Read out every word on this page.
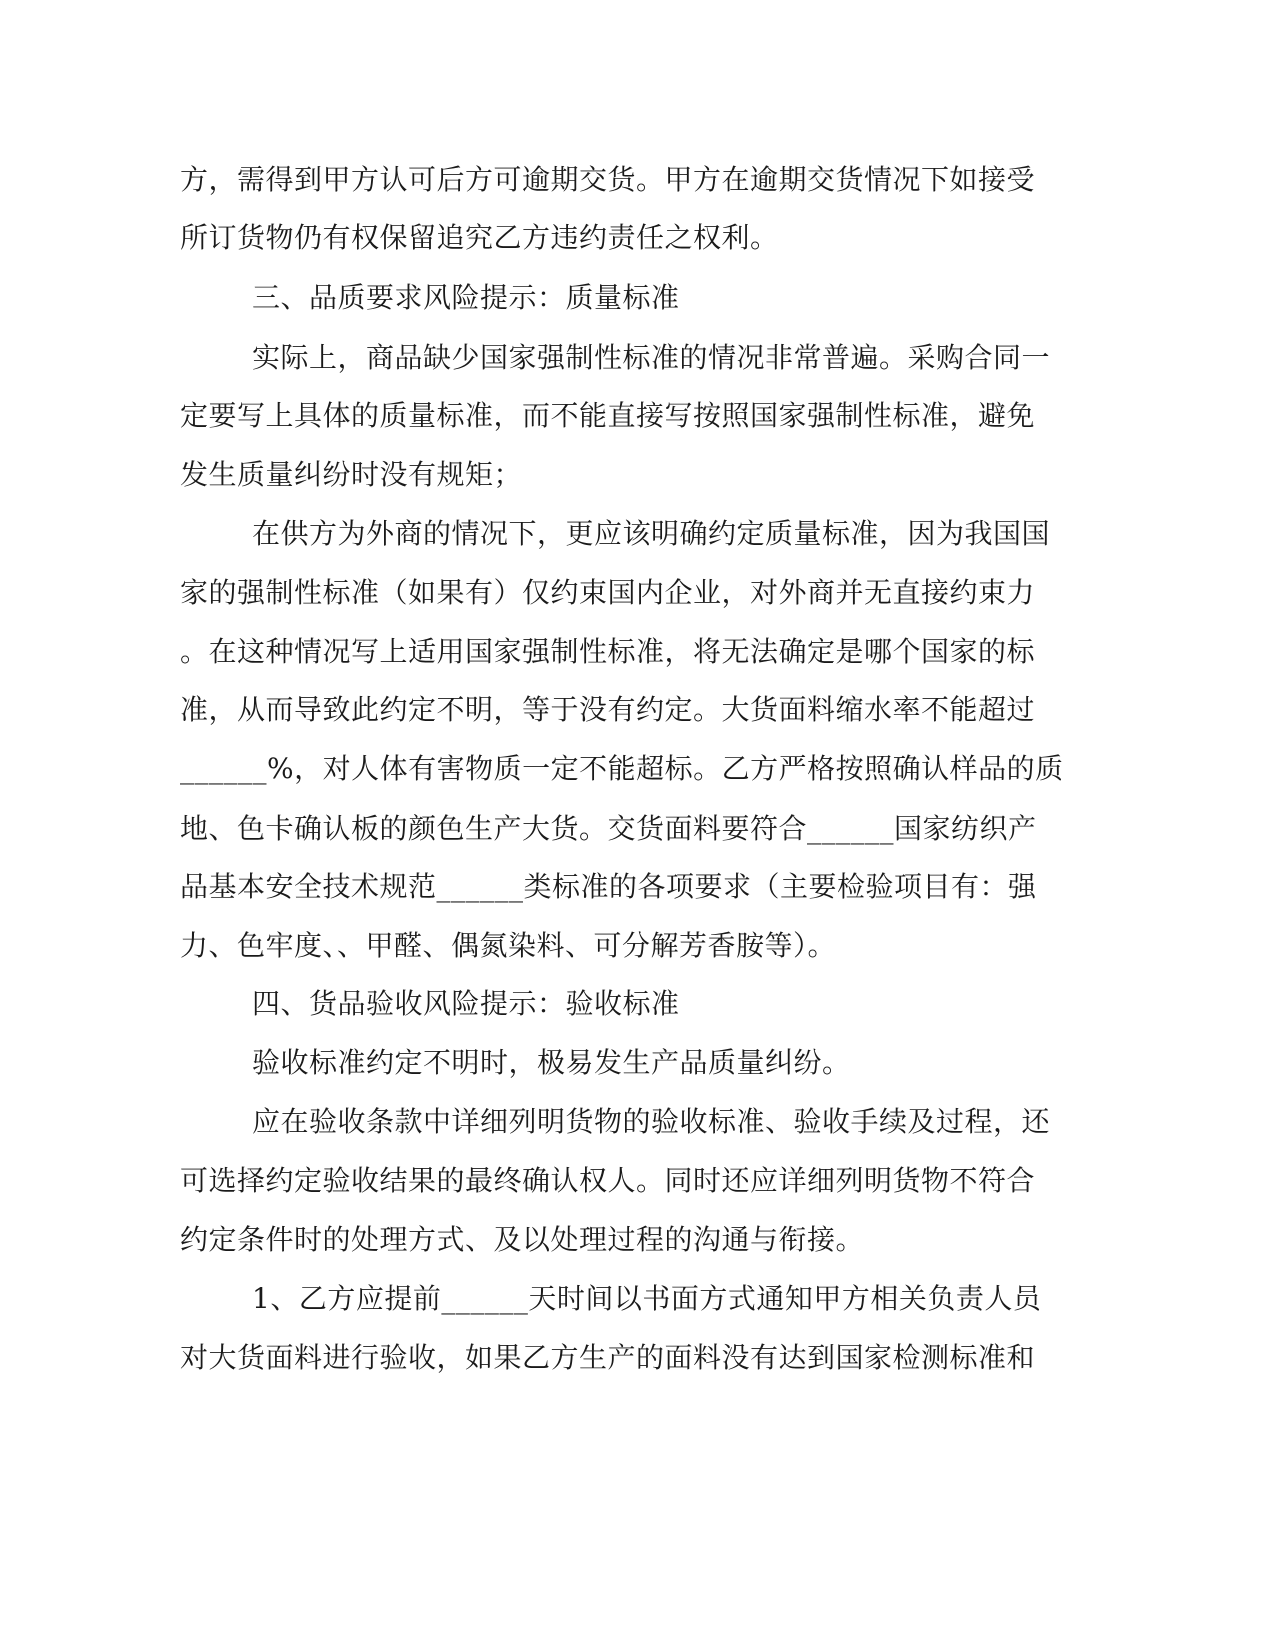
方，需得到甲方认可后方可逾期交货。甲方在逾期交货情况下如接受
所订货物仍有权保留追究乙方违约责任之权利。
三、品质要求风险提示：质量标准
实际上，商品缺少国家强制性标准的情况非常普遍。采购合同一
定要写上具体的质量标准，而不能直接写按照国家强制性标准，避免
发生质量纠纷时没有规矩；
在供方为外商的情况下，更应该明确约定质量标准，因为我国国
家的强制性标准（如果有）仅约束国内企业，对外商并无直接约束力
。在这种情况写上适用国家强制性标准，将无法确定是哪个国家的标
准，从而导致此约定不明，等于没有约定。大货面料缩水率不能超过
______%，对人体有害物质一定不能超标。乙方严格按照确认样品的质
地、色卡确认板的颜色生产大货。交货面料要符合______国家纺织产
品基本安全技术规范______类标准的各项要求（主要检验项目有：强
力、色牢度、、甲醛、偶氮染料、可分解芳香胺等）。
四、货品验收风险提示：验收标准
验收标准约定不明时，极易发生产品质量纠纷。
应在验收条款中详细列明货物的验收标准、验收手续及过程，还
可选择约定验收结果的最终确认权人。同时还应详细列明货物不符合
约定条件时的处理方式、及以处理过程的沟通与衔接。
1、乙方应提前______天时间以书面方式通知甲方相关负责人员
对大货面料进行验收，如果乙方生产的面料没有达到国家检测标准和
